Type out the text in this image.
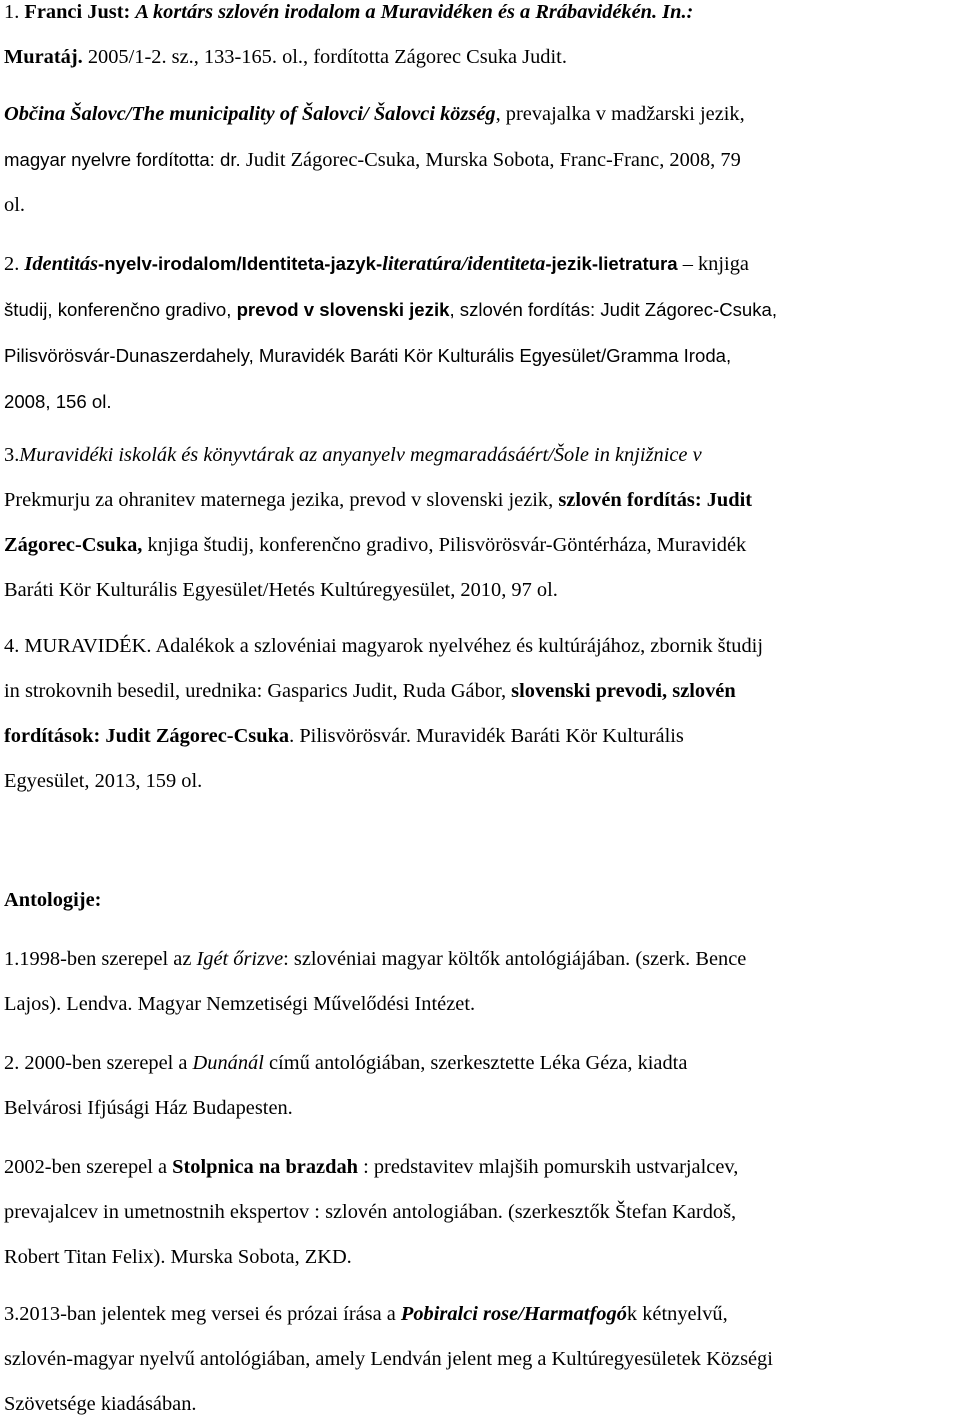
1. Franci Just: A kortárs szlovén irodalom a Muravidéken és a Rrábavidékén. In.:
Muratáj. 2005/1-2. sz., 133-165. ol., fordította Zágorec Csuka Judit.

Občina Šalovc/The municipality of Šalovci/ Šalovci község, prevajalka v madžarski jezik,
magyar nyelvre fordította: dr. Judit Zágorec-Csuka, Murska Sobota, Franc-Franc, 2008, 79
ol.

2. Identitás-nyelv-irodalom/Identiteta-jazyk-literatúra/identiteta-jezik-lietratura – knjiga
študij, konferenčno gradivo, prevod v slovenski jezik, szlovén fordítás: Judit Zágorec-Csuka,
Pilisvörösvár-Dunaszerdahely, Muravidék Baráti Kör Kulturális Egyesület/Gramma Iroda,
2008, 156 ol.

3.Muravidéki iskolák és könyvtárak az anyanyelv megmaradásáért/Šole in knjižnice v
Prekmurju za ohranitev maternega jezika, prevod v slovenski jezik, szlovén fordítás: Judit
Zágorec-Csuka, knjiga študij, konferenčno gradivo, Pilisvörösvár-Göntérháza, Muravidék
Baráti Kör Kulturális Egyesület/Hetés Kultúregyesület, 2010, 97 ol.

4. MURAVIDÉK. Adalékok a szlovéniai magyarok nyelvéhez és kultúrájához, zbornik študij
in strokovnih besedil, urednika: Gasparics Judit, Ruda Gábor, slovenski prevodi, szlovén
fordítások: Judit Zágorec-Csuka. Pilisvörösvár. Muravidék Baráti Kör Kulturális
Egyesület, 2013, 159 ol.

Antologije:

1.1998-ben szerepel az Igét őrizve: szlovéniai magyar költők antológiájában. (szerk. Bence
Lajos). Lendva. Magyar Nemzetiségi Művelődési Intézet.

2. 2000-ben szerepel a Dunánál című antológiában, szerkesztette Léka Géza, kiadta
Belvárosi Ifjúsági Ház Budapesten.

2002-ben szerepel a Stolpnica na brazdah : predstavitev mlajših pomurskih ustvarjalcev,
prevajalcev in umetnostnih ekspertov : szlovén antologiában. (szerkesztők Štefan Kardoš,
Robert Titan Felix). Murska Sobota, ZKD.

3.2013-ban jelentek meg versei és prózai írása a Pobiralci rose/Harmatfogók kétnyelvű,
szlovén-magyar nyelvű antológiában, amely Lendván jelent meg a Kultúregyesületek Községi
Szövetsége kiadásában.
